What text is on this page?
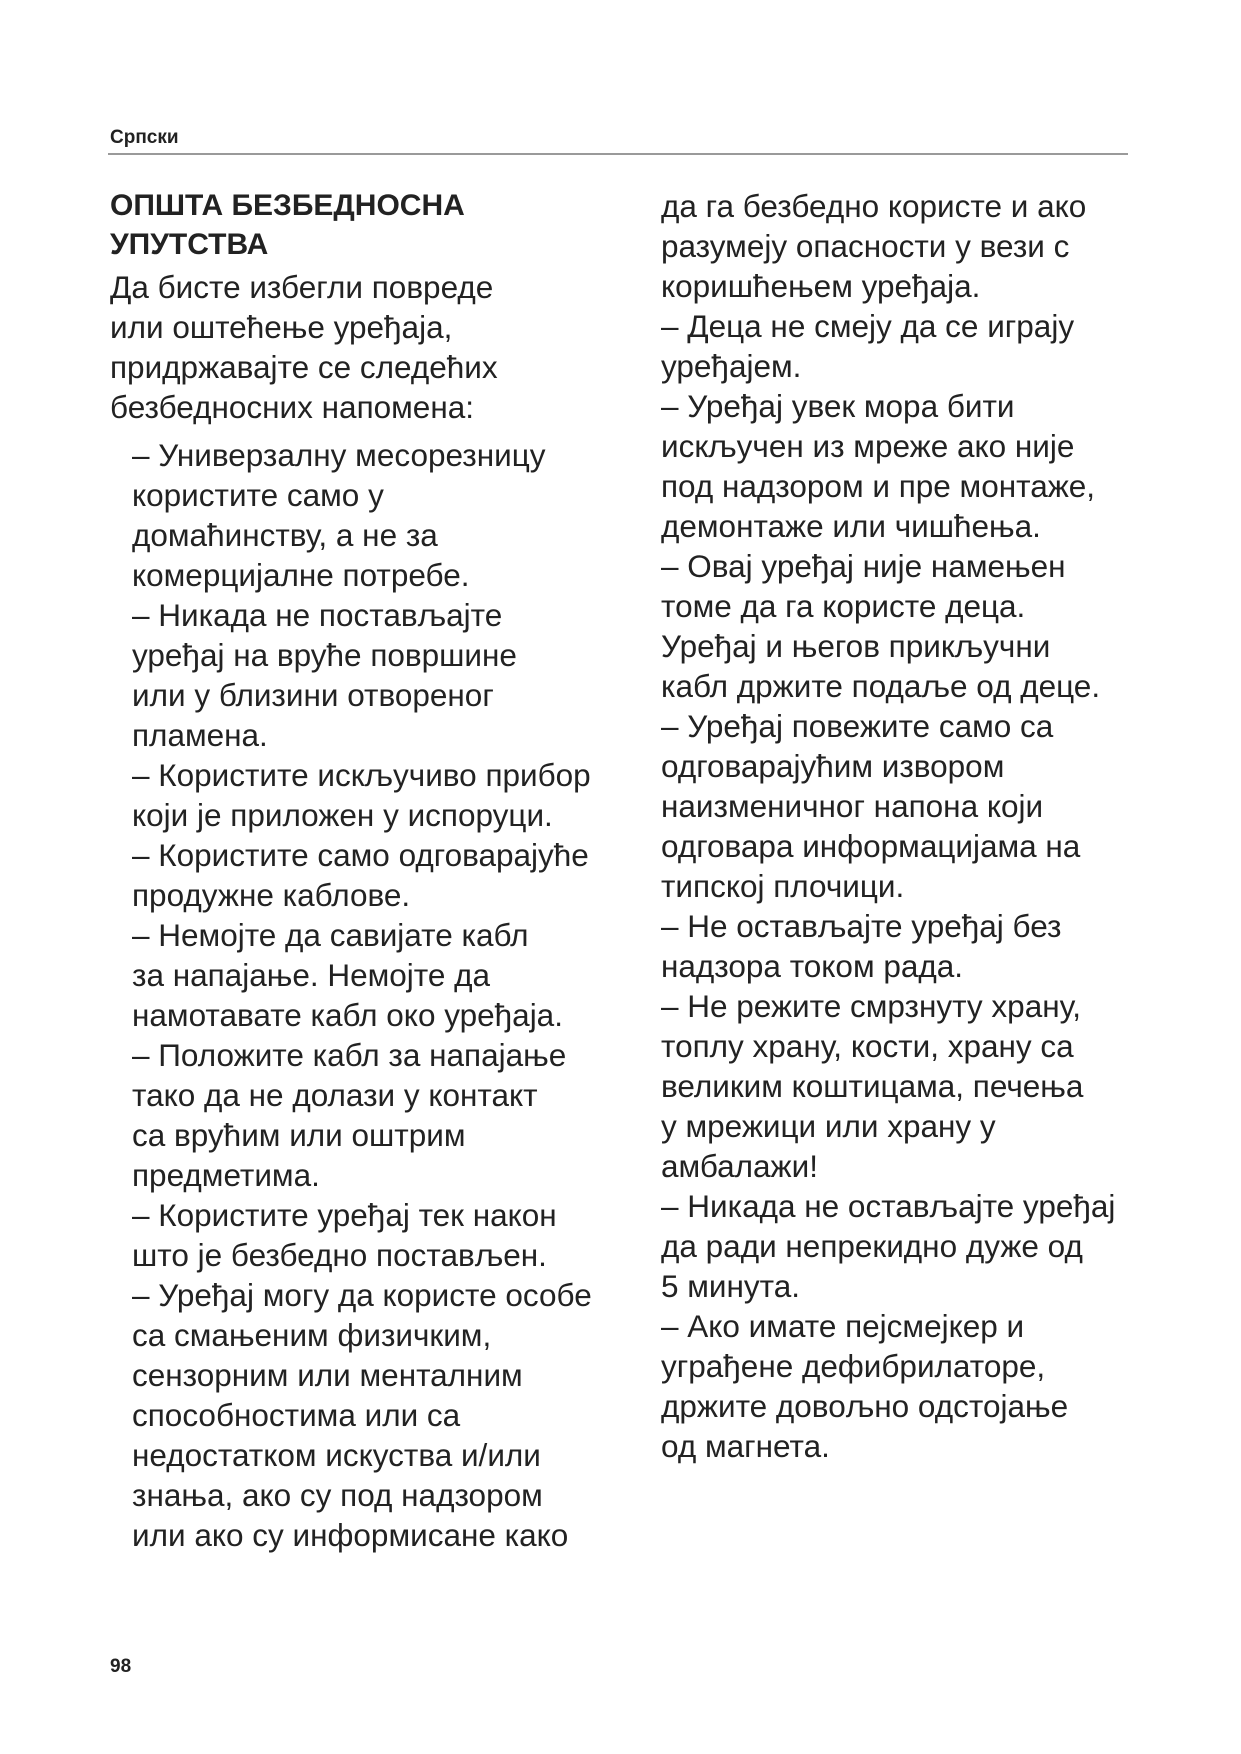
Српски
ОПШТА БЕЗБЕДНОСНА
УПУТСТВА
Да бисте избегли повреде
или оштећење уређаја,
придржавајте се следећих
безбедносних напомена:
– Универзалну месорезницу
користите само у
домаћинству, а не за
комерцијалне потребе.
– Никада не постављајте
уређај на вруће површине
или у близини отвореног
пламена.
– Користите искључиво прибор
који је приложен у испоруци.
– Користите само одговарајуће
продужне каблове.
– Немојте да савијате кабл
за напајање. Немојте да
намотавате кабл око уређаја.
– Положите кабл за напајање
тако да не долази у контакт
са врућим или оштрим
предметима.
– Користите уређај тек након
што је безбедно постављен.
– Уређај могу да користе особе
са смањеним физичким,
сензорним или менталним
способностима или са
недостатком искуства и/или
знања, ако су под надзором
или ако су информисане како
да га безбедно користе и ако
разумеју опасности у вези с
коришћењем уређаја.
– Деца не смеју да се играју
уређајем.
– Уређај увек мора бити
искључен из мреже ако није
под надзором и пре монтаже,
демонтаже или чишћења.
– Овај уређај није намењен
томе да га користе деца.
Уређај и његов прикључни
кабл држите подаље од деце.
– Уређај повежите само са
одговарајућим извором
наизменичног напона који
одговара информацијама на
типској плочици.
– Не остављајте уређај без
надзора током рада.
– Не режите смрзнуту храну,
топлу храну, кости, храну са
великим коштицама, печења
у мрежици или храну у
амбалажи!
– Никада не остављајте уређај
да ради непрекидно дуже од
5 минута.
– Ако имате пејсмејкер и
уграђене дефибрилаторе,
држите довољно одстојање
од магнета.
98
